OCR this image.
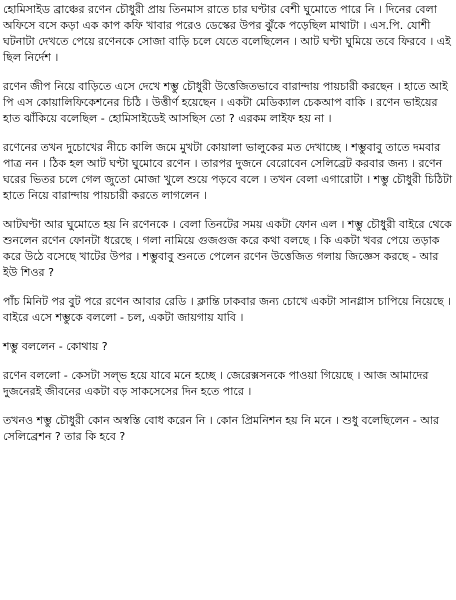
হোমিসাইড ব্রাঞ্চের রণেন চৌধুরী প্রায় তিনমাস রাতে চার ঘণ্টার বেশী ঘুমোতে পারে নি । দিনের বেলা অফিসে বসে কড়া এক কাপ কফি খাবার পরেও ডেস্কের উপর ঝুঁকে পড়েছিল মাথাটা । এস.পি. যোশী ঘটনাটা দেখতে পেয়ে রণেনকে সোজা বাড়ি চলে যেতে বলেছিলেন । আট ঘণ্টা ঘুমিয়ে তবে ফিরবে । এই ছিল নির্দেশ ।

রণেন জীপ নিয়ে বাড়িতে এসে দেখে শম্ভু চৌধুরী উত্তেজিতভাবে বারান্দায় পায়চারী করছেন । হাতে আই পি এস কোয়ালিফিকেশনের চিঠি । উত্তীর্ণ হয়েছেন । একটা মেডিক্যাল চেকআপ বাকি । রণেন ভাইয়ের হাত ঝাঁকিয়ে বলেছিল - হোমিসাইডেই আসছিস তো ? এরকম লাইফ হয় না ।

রণেনের তখন দুচোখের নীচে কালি জমে মুখটা কোয়ালা ভালুকের মত দেখাচ্ছে । শম্ভুবাবু তাতে দমবার পাত্র নন । ঠিক হল আট ঘণ্টা ঘুমোবে রণেন । তারপর দুজনে বেরোবেন সেলিব্রেট করবার জন্য । রণেন ঘরের ভিতর চলে গেল জুতো মোজা খুলে শুয়ে পড়বে বলে । তখন বেলা এগারোটা । শম্ভু চৌধুরী চিঠিটা হাতে নিয়ে বারান্দায় পায়চারী করতে লাগলেন ।

আটঘণ্টা আর ঘুমোতে হয় নি রণেনকে । বেলা তিনটের সময় একটা ফোন এল । শম্ভু চৌধুরী বাইরে থেকে শুনলেন রণেন ফোনটা ধরেছে । গলা নামিয়ে গুজগুজ করে কথা বলছে । কি একটা খবর পেয়ে তড়াক করে উঠে বসেছে খাটের উপর । শম্ভুবাবু শুনতে পেলেন রণেন উত্তেজিত গলায় জিজ্ঞেস করছে - আর ইউ শিওর ?

পাঁচ মিনিট পর বুট পরে রণেন আবার রেডি । ক্লান্তি ঢাকবার জন্য চোখে একটা সানগ্লাস চাপিয়ে নিয়েছে । বাইরে এসে শম্ভুকে বললো - চল, একটা জায়গায় যাবি ।

শম্ভু বললেন - কোথায় ?

রণেন বললো - কেসটা সল্ভ হয়ে যাবে মনে হচ্ছে । জেরেক্সসনকে পাওয়া গিয়েছে । আজ আমাদের দুজনেরই জীবনের একটা বড় সাকসেসের দিন হতে পারে ।

তখনও শম্ভু চৌধুরী কোন অস্বস্তি বোধ করেন নি । কোন প্রিমনিশন হয় নি মনে । শুধু বলেছিলেন - আর সেলিব্রেশন ? তার কি হবে ?
